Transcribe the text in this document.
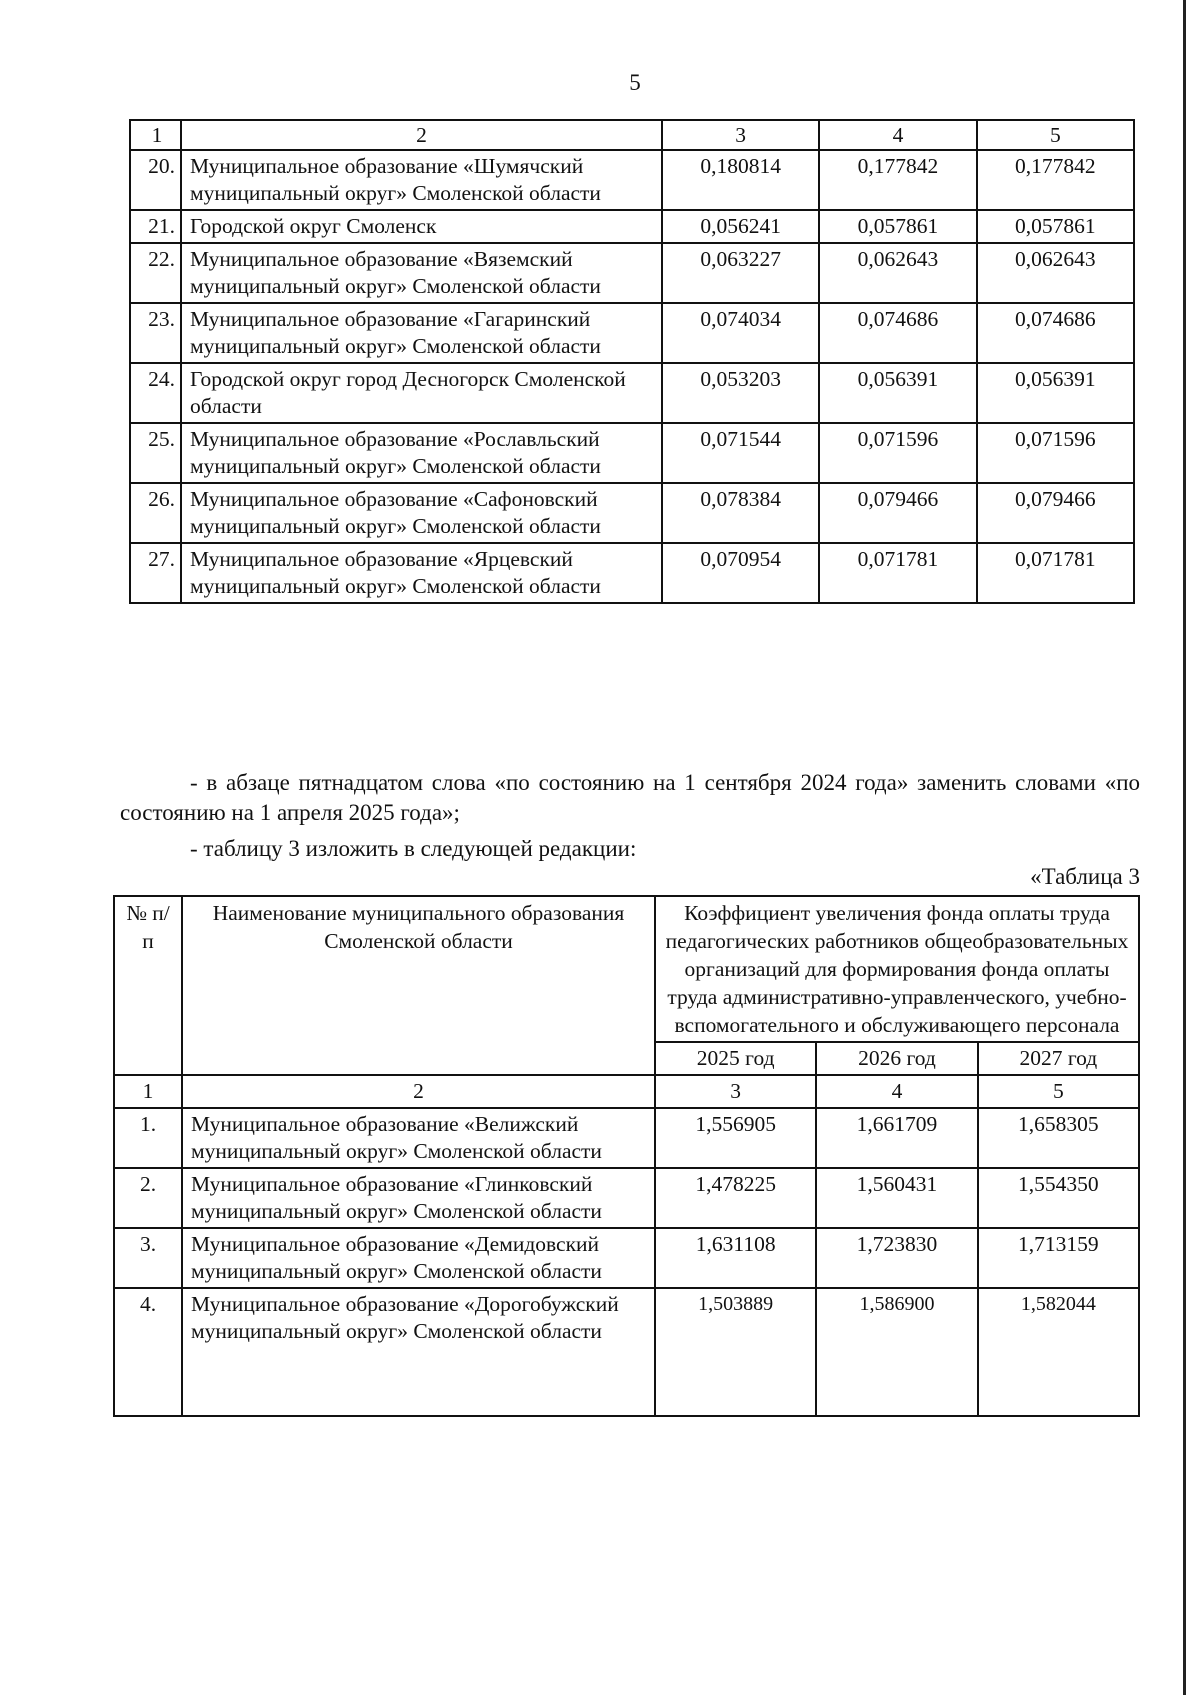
5
1	2	3	4	5
20.	Муниципальное образование «Шумячский муниципальный округ» Смоленской области	0,180814	0,177842	0,177842
21.	Городской округ Смоленск	0,056241	0,057861	0,057861
22.	Муниципальное образование «Вяземский муниципальный округ» Смоленской области	0,063227	0,062643	0,062643
23.	Муниципальное образование «Гагаринский муниципальный округ» Смоленской области	0,074034	0,074686	0,074686
24.	Городской округ город Десногорск Смоленской области	0,053203	0,056391	0,056391
25.	Муниципальное образование «Рославльский муниципальный округ» Смоленской области	0,071544	0,071596	0,071596
26.	Муниципальное образование «Сафоновский муниципальный округ» Смоленской области	0,078384	0,079466	0,079466
27.	Муниципальное образование «Ярцевский муниципальный округ» Смоленской области	0,070954	0,071781	0,071781
- в абзаце пятнадцатом слова «по состоянию на 1 сентября 2024 года» заменить словами «по состоянию на 1 апреля 2025 года»;
- таблицу 3 изложить в следующей редакции:
«Таблица 3
№ п/п	Наименование муниципального образования Смоленской области	Коэффициент увеличения фонда оплаты труда педагогических работников общеобразовательных организаций для формирования фонда оплаты труда административно-управленческого, учебно-вспомогательного и обслуживающего персонала		
		2025 год	2026 год	2027 год
1	2	3	4	5
1.	Муниципальное образование «Велижский муниципальный округ» Смоленской области	1,556905	1,661709	1,658305
2.	Муниципальное образование «Глинковский муниципальный округ» Смоленской области	1,478225	1,560431	1,554350
3.	Муниципальное образование «Демидовский муниципальный округ» Смоленской области	1,631108	1,723830	1,713159
4.	Муниципальное образование «Дорогобужский муниципальный округ» Смоленской области	1,503889	1,586900	1,582044
